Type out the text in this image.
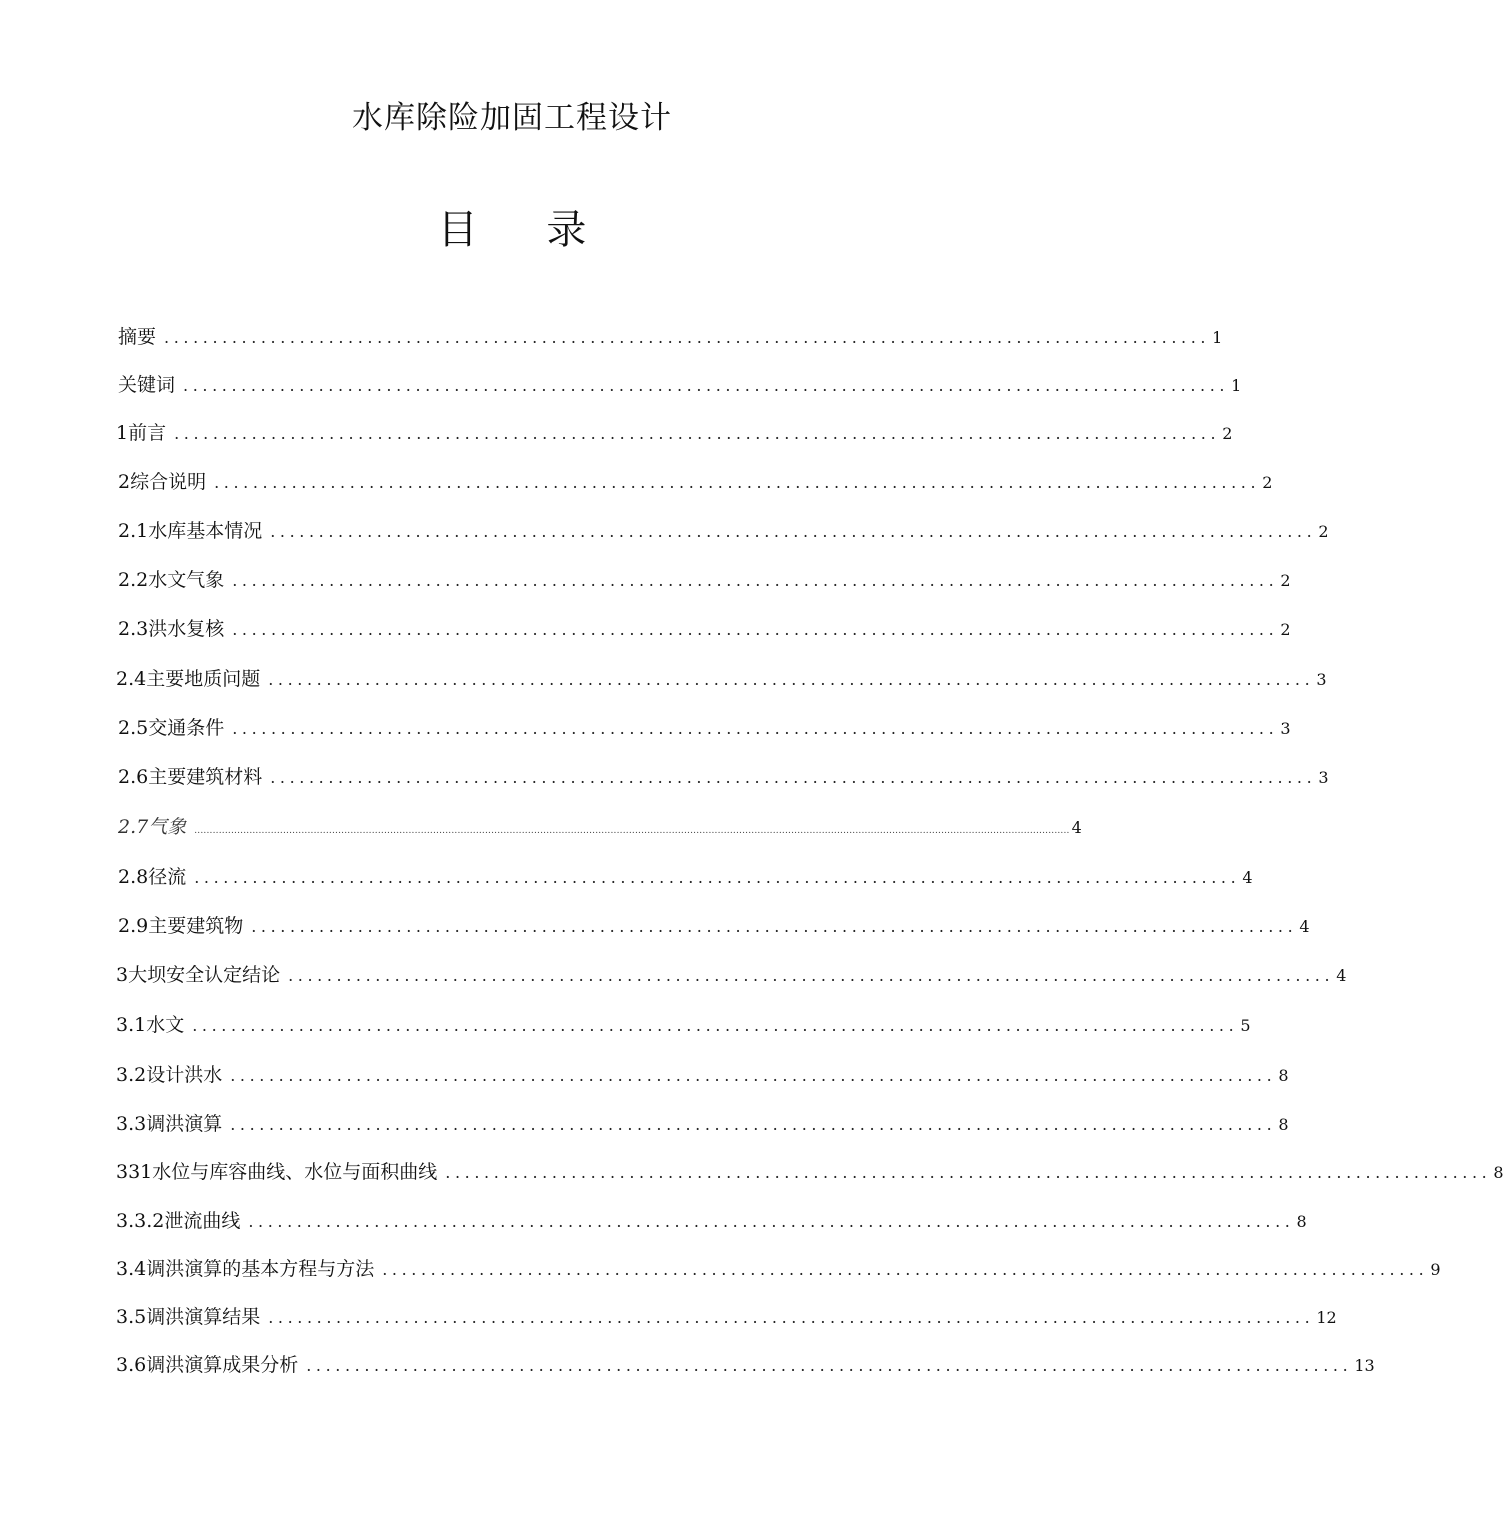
水库除险加固工程设计
目 录
摘要 ............................................................................................................ 1
关键词 ............................................................................................................ 1
1前言 ............................................................................................................ 2
2综合说明 ............................................................................................................ 2
2.1水库基本情况 ............................................................................................................ 2
2.2水文气象 ............................................................................................................ 2
2.3洪水复核 ............................................................................................................ 2
2.4主要地质问题 ............................................................................................................ 3
2.5交通条件 ............................................................................................................ 3
2.6主要建筑材料 ............................................................................................................ 3
2.7气象 .............................................................................................................................................................................................................................................................................................. 4
2.8径流 ............................................................................................................ 4
2.9主要建筑物 ............................................................................................................ 4
3大坝安全认定结论 ............................................................................................................ 4
3.1水文 ............................................................................................................ 5
3.2设计洪水 ............................................................................................................ 8
3.3调洪演算 ............................................................................................................ 8
331水位与库容曲线、水位与面积曲线 ............................................................................................................ 8
3.3.2泄流曲线 ............................................................................................................ 8
3.4调洪演算的基本方程与方法 ............................................................................................................ 9
3.5调洪演算结果 ............................................................................................................ 12
3.6调洪演算成果分析 ............................................................................................................ 13
